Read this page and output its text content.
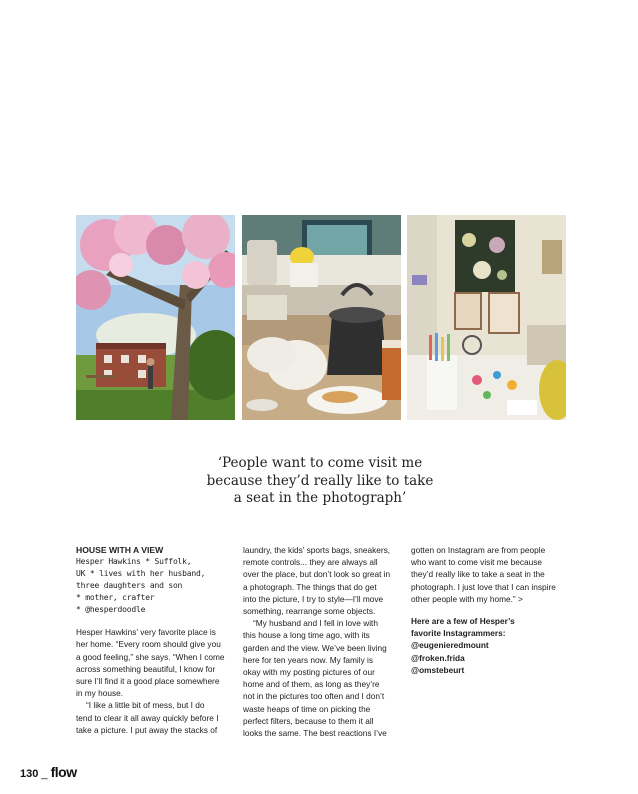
‘People want to come visit me
because they’d really like to take
a seat in the photograph’
HOUSE WITH A VIEW
Hesper Hawkins * Suffolk,
UK * lives with her husband,
three daughters and son
* mother, crafter
* @hesperdoodle
Hesper Hawkins’ very favorite place is
her home. “Every room should give you
a good feeling,” she says. “When I come
across something beautiful, I know for
sure I’ll find it a good place somewhere
in my house.
“I like a little bit of mess, but I do
tend to clear it all away quickly before I
take a picture. I put away the stacks of
laundry, the kids’ sports bags, sneakers,
remote controls... they are always all
over the place, but don’t look so great in
a photograph. The things that do get
into the picture, I try to style—I’ll move
something, rearrange some objects.
“My husband and I fell in love with
this house a long time ago, with its
garden and the view. We’ve been living
here for ten years now. My family is
okay with my posting pictures of our
home and of them, as long as they’re
not in the pictures too often and I don’t
waste heaps of time on picking the
perfect filters, because to them it all
looks the same. The best reactions I’ve
gotten on Instagram are from people
who want to come visit me because
they’d really like to take a seat in the
photograph. I just love that I can inspire
other people with my home.” >
Here are a few of Hesper’s
favorite Instagrammers:
@eugenieredmount
@froken.frida
@omstebeurt
130 _ flow
